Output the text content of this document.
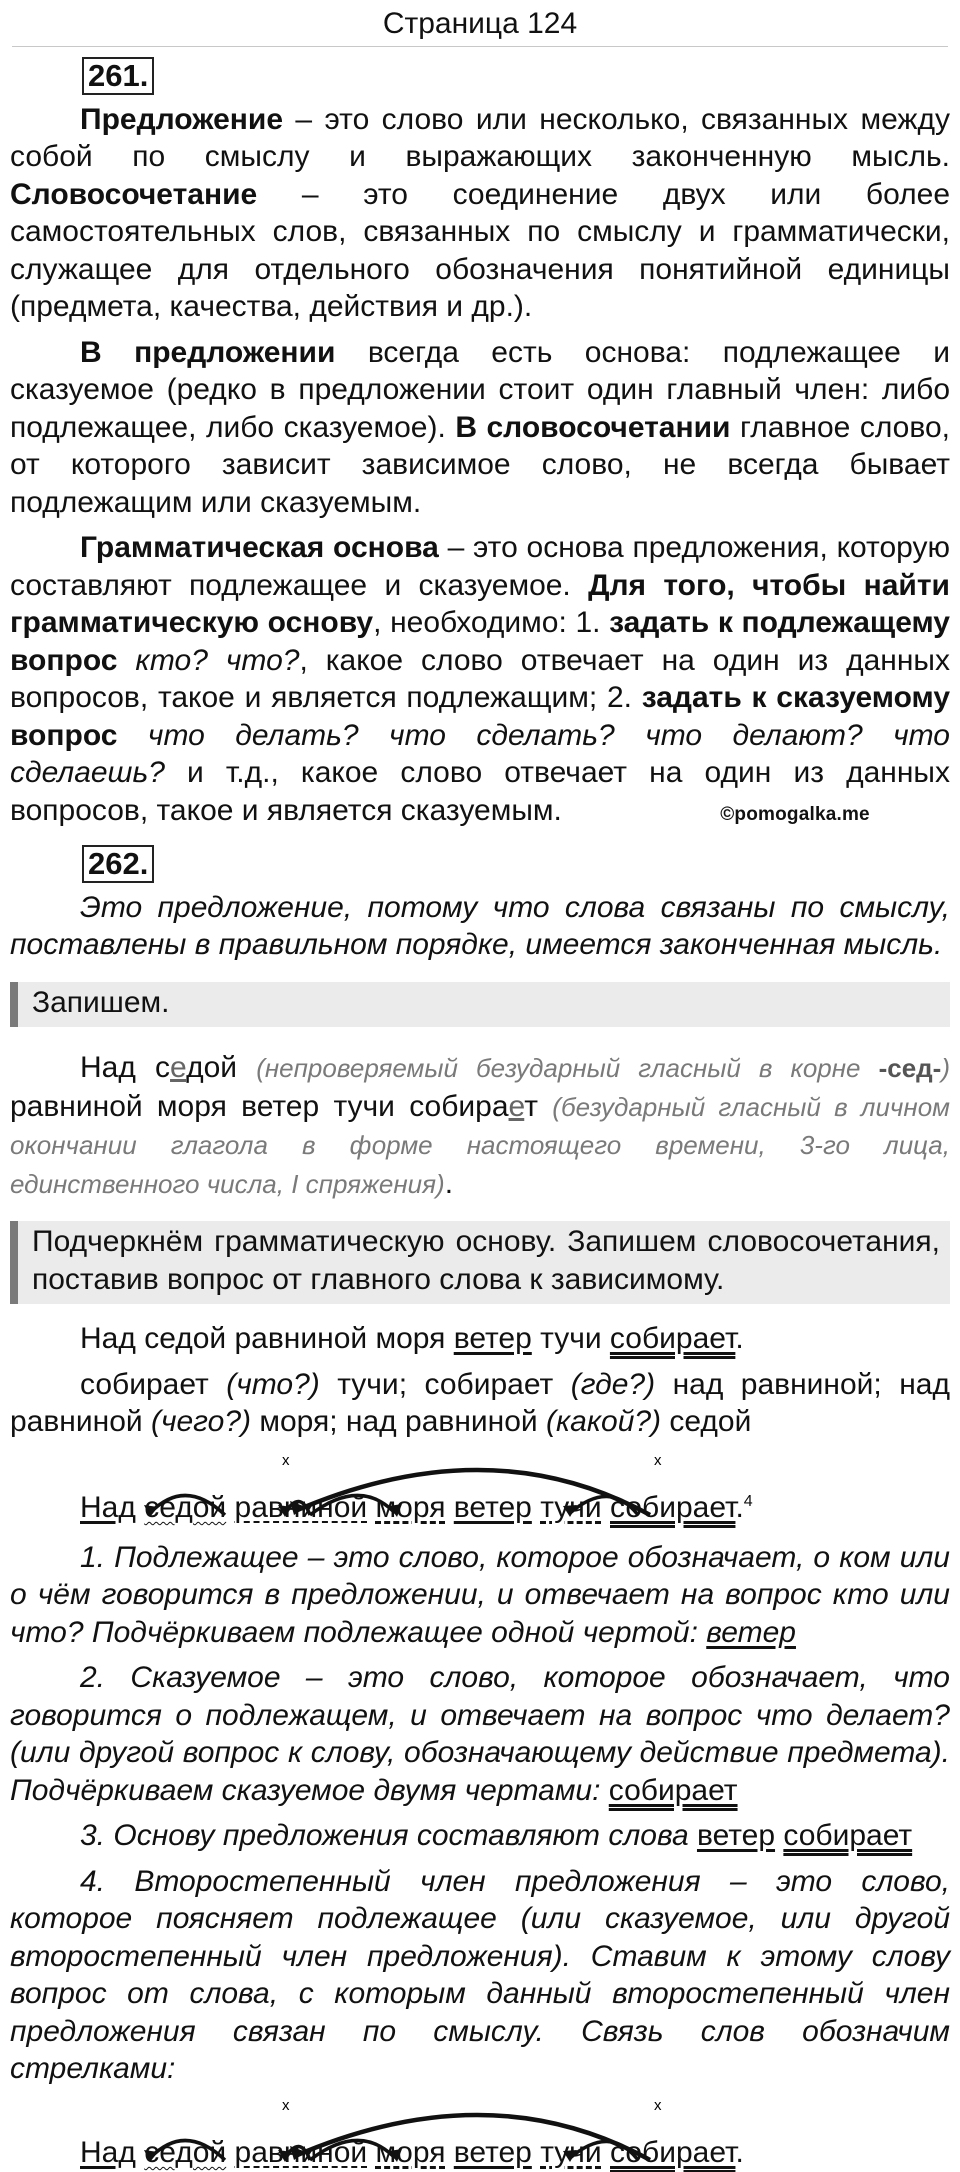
Страница 124
261.

Предложение – это слово или несколько, связанных между собой по смыслу и выражающих законченную мысль. Словосочетание – это соединение двух или более самостоятельных слов, связанных по смыслу и грамматически, служащее для отдельного обозначения понятийной единицы (предмета, качества, действия и др.).

В предложении всегда есть основа: подлежащее и сказуемое (редко в предложении стоит один главный член: либо подлежащее, либо сказуемое). В словосочетании главное слово, от которого зависит зависимое слово, не всегда бывает подлежащим или сказуемым.

Грамматическая основа – это основа предложения, которую составляют подлежащее и сказуемое. Для того, чтобы найти грамматическую основу, необходимо: 1. задать к подлежащему вопрос кто? что?, какое слово отвечает на один из данных вопросов, такое и является подлежащим; 2. задать к сказуемому вопрос что делать? что сделать? что делают? что сделаешь? и т.д., какое слово отвечает на один из данных вопросов, такое и является сказуемым.	©pomogalka.me

262.

Это предложение, потому что слова связаны по смыслу, поставлены в правильном порядке, имеется законченная мысль.

Запишем.

Над седой (непроверяемый безударный гласный в корне -сед-) равниной моря ветер тучи собирает (безударный гласный в личном окончании глагола в форме настоящего времени, 3-го лица, единственного числа, I спряжения).

Подчеркнём грамматическую основу. Запишем словосочетания, поставив вопрос от главного слова к зависимому.

Над седой равниной моря ветер тучи собирает.

собирает (что?) тучи; собирает (где?) над равниной; над равниной (чего?) моря; над равниной (какой?) седой

x	x
Над седой равниной моря ветер тучи собирает.$^4$

1. Подлежащее – это слово, которое обозначает, о ком или о чём говорится в предложении, и отвечает на вопрос кто или что? Подчёркиваем подлежащее одной чертой: ветер

2. Сказуемое – это слово, которое обозначает, что говорится о подлежащем, и отвечает на вопрос что делает? (или другой вопрос к слову, обозначающему действие предмета). Подчёркиваем сказуемое двумя чертами: собирает

3. Основу предложения составляют слова ветер собирает

4. Второстепенный член предложения – это слово, которое поясняет подлежащее (или сказуемое, или другой второстепенный член предложения). Ставим к этому слову вопрос от слова, с которым данный второстепенный член предложения связан по смыслу. Связь слов обозначим стрелками:

x	x
Над седой равниной моря ветер тучи собирает.
